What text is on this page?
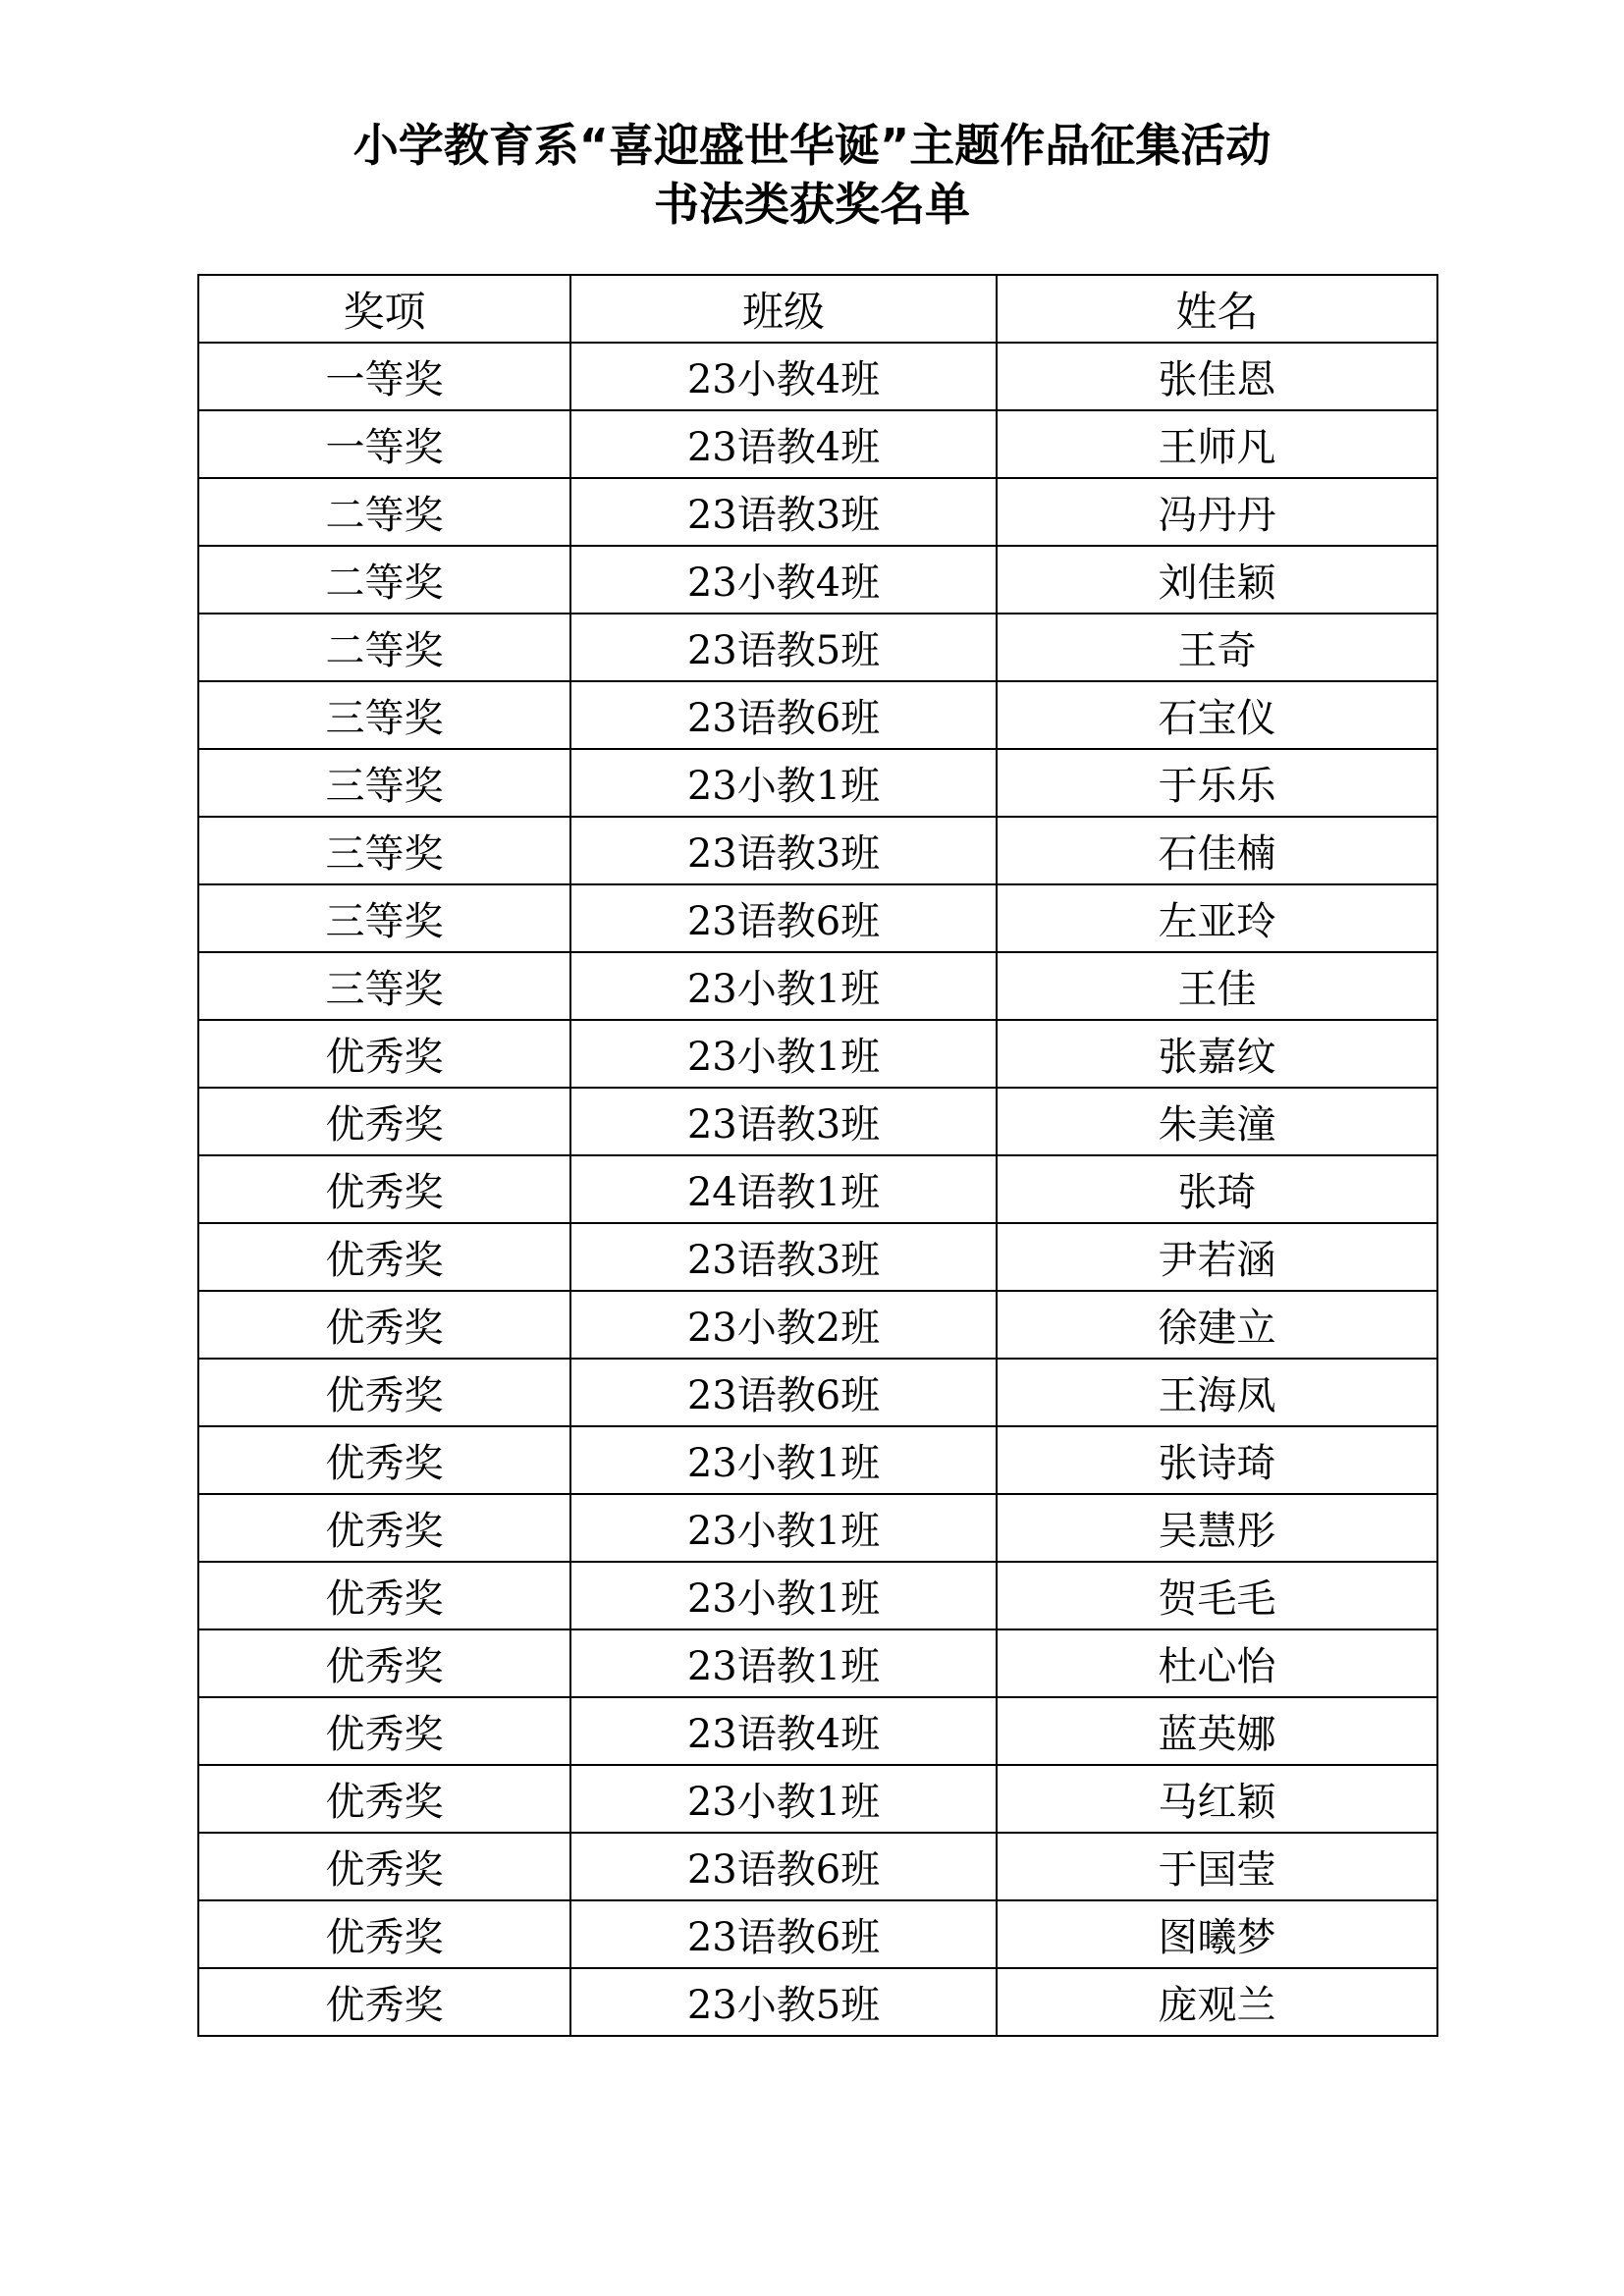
小学教育系“喜迎盛世华诞”主题作品征集活动
书法类获奖名单
奖项	班级	姓名
一等奖	23小教4班	张佳恩
一等奖	23语教4班	王师凡
二等奖	23语教3班	冯丹丹
二等奖	23小教4班	刘佳颖
二等奖	23语教5班	王奇
三等奖	23语教6班	石宝仪
三等奖	23小教1班	于乐乐
三等奖	23语教3班	石佳楠
三等奖	23语教6班	左亚玲
三等奖	23小教1班	王佳
优秀奖	23小教1班	张嘉纹
优秀奖	23语教3班	朱美潼
优秀奖	24语教1班	张琦
优秀奖	23语教3班	尹若涵
优秀奖	23小教2班	徐建立
优秀奖	23语教6班	王海凤
优秀奖	23小教1班	张诗琦
优秀奖	23小教1班	吴慧彤
优秀奖	23小教1班	贺毛毛
优秀奖	23语教1班	杜心怡
优秀奖	23语教4班	蓝英娜
优秀奖	23小教1班	马红颖
优秀奖	23语教6班	于国莹
优秀奖	23语教6班	图曦梦
优秀奖	23小教5班	庞观兰
